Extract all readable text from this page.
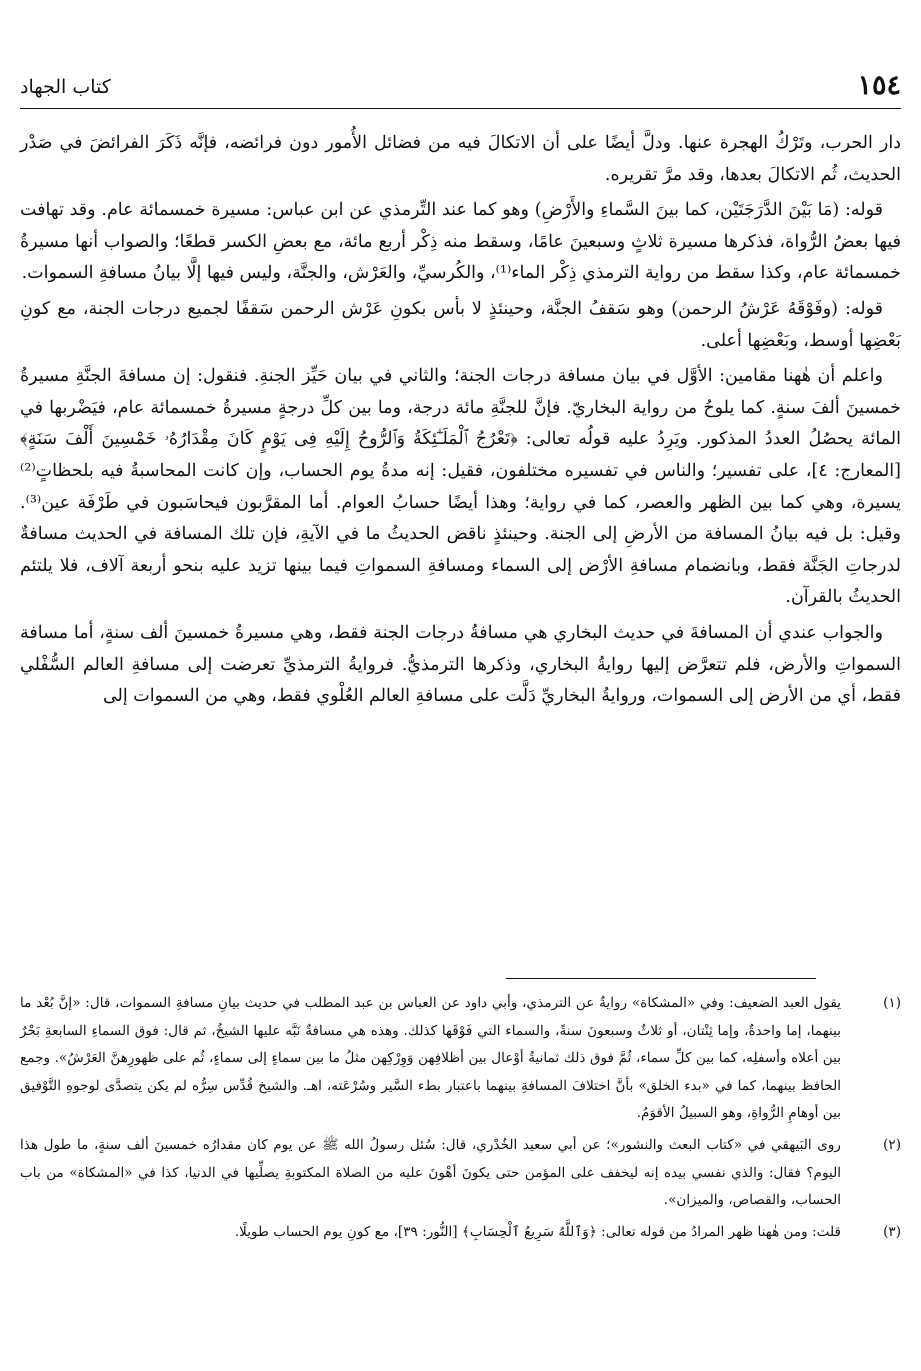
١٥٤
كتاب الجهاد

دار الحرب، وتَرْكُ الهجرة عنها. ودلَّ أيضًا على أن الاتكالَ فيه من فضائل الأُمور دون فرائضه، فإنَّه ذَكَرَ الفرائضَ في صَدْر الحديث، ثُم الاتكالَ بعدها، وقد مرَّ تقريره.

قوله: (مَا بَيْنَ الدَّرَجَتَيْن، كما بينَ السَّماءِ والأَرْضِ) وهو كما عند التِّرمذي عن ابن عباس: مسيرة خمسمائة عام. وقد تهافت فيها بعضُ الرُّواة، فذكرها مسيرة ثلاثٍ وسبعينَ عامًا، وسقط منه ذِكْر أربع مائة، مع بعضِ الكسر قطعًا؛ والصواب أنها مسيرةُ خمسمائة عام، وكذا سقط من رواية الترمذي ذِكْر الماء⁽¹⁾، والكُرسيِّ، والعَرْش، والجنَّة، وليس فيها إلَّا بيانُ مسافةِ السموات.

قوله: (وفَوْقَهُ عَرْشُ الرحمن) وهو سَقفُ الجنَّة، وحينئذٍ لا بأس بكونِ عَرْش الرحمن سَقفًا لجميع درجات الجنة، مع كونِ بَعْضِها أوسط، وبَعْضِها أعلى.

واعلم أن هٰهنا مقامين: الأوَّل في بيان مسافة درجات الجنة؛ والثاني في بيان حَيِّز الجنةِ. فنقول: إن مسافةَ الجنَّةِ مسيرةُ خمسينَ ألفَ سنةٍ. كما يلوحُ من رواية البخاريّ. فإنَّ للجنَّةِ مائة درجة، وما بين كلِّ درجةٍ مسيرةُ خمسمائة عام، فيَضْربها في المائة يحصُلُ العددُ المذكور. ويَرِدُ عليه قولُه تعالى: ﴿تَعْرُجُ ٱلْمَلَـٰٓئِكَةُ وَٱلرُّوحُ إِلَيْهِ فِى يَوْمٍ كَانَ مِقْدَارُهُۥ خَمْسِينَ أَلْفَ سَنَةٍ﴾ [المعارج: ٤]، على تفسير؛ والناس في تفسيره مختلفون، فقيل: إنه مدةُ يوم الحساب، وإن كانت المحاسبةُ فيه بلحظاتٍ⁽²⁾ يسيرة، وهي كما بين الظهر والعصر، كما في رواية؛ وهذا أيضًا حسابُ العوام. أما المقرَّبون فيحاسَبون في طَرْفَة عين⁽³⁾. وقيل: بل فيه بيانُ المسافة من الأرضِ إلى الجنة. وحينئذٍ ناقض الحديثُ ما في الآيةِ، فإن تلك المسافة في الحديث مسافةٌ لدرجاتِ الجَنَّة فقط، وبانضمام مسافةِ الأرْض إلى السماء ومسافةِ السمواتِ فيما بينها تزيد عليه بنحو أربعة آلاف، فلا يلتئم الحديثُ بالقرآن.

والجواب عندي أن المسافةَ في حديث البخاري هي مسافةُ درجات الجنة فقط، وهي مسيرةُ خمسينَ ألف سنةٍ، أما مسافة السمواتِ والأرض، فلم تتعرَّض إليها روايةُ البخاري، وذكرها الترمذيُّ. فروايةُ الترمذيِّ تعرضت إلى مسافةِ العالم السُّفْلي فقط، أي من الأرض إلى السموات، وروايةُ البخاريِّ دَلَّت على مسافةِ العالم العُلْوي فقط، وهي من السموات إلى

(١)
يقول العبد الضعيف: وفي «المشكاة» روايةٌ عن الترمذي، وأبي داود عن العباس بن عبد المطلب في حديث بيانِ مسافةِ السموات، قال: «إنَّ بُعْد ما بينهما، إما واحدةٌ، وإما ثِنْتان، أو ثلاثٌ وسبعونَ سنةً، والسماء التي فَوْقَها كذلك. وهذه هي مسافةٌ نَبَّه عليها الشيخُ، ثم قال: فوق السماءِ السابعةِ بَحْرٌ بين أعلاه وأسفلِه، كما بين كلِّ سماء، ثُمَّ فوق ذلك ثمانيةُ أوْعال بين أظلافِهن وَوِرْكِهن مثلُ ما بين سماءٍ إلى سماءٍ، ثُم على ظهورِهنَّ العَرْشُ». وجمع الحافظ بينهما، كما في «بدء الخلق» بأنَّ اختلافَ المسافةِ بينهما باعتبار بطء السَّير وسُرْعَته، اهـ. والشيخ قُدِّس سِرُّه لم يكن يتصدَّى لوجوهِ التَّوْفيق بين أوهامِ الرُّواةِ، وهو السبيلُ الأقوَمُ.
(٢)
روى البَيهقي في «كتاب البعث والنشور»؛ عن أبي سعيد الخُدْري، قال: سُئل رسولُ الله ﷺ عن يوم كان مقدارُه خمسينَ ألف سنةٍ، ما طول هذا اليوم؟ فقال: والذي نفسي بيده إنه ليخفف على المؤمن حتى يكونَ أهْونَ عليه من الصلاة المكتوبةِ يصلِّيها في الدنيا، كذا في «المشكاة» من باب الحساب، والقصاص، والميزان».
(٣)
قلت: ومن هٰهنا ظهر المرادُ من قوله تعالى: ﴿وَٱللَّهُ سَرِيعُ ٱلْحِسَابِ﴾ [النُّور: ٣٩]، مع كونِ يوم الحساب طويلًا.
